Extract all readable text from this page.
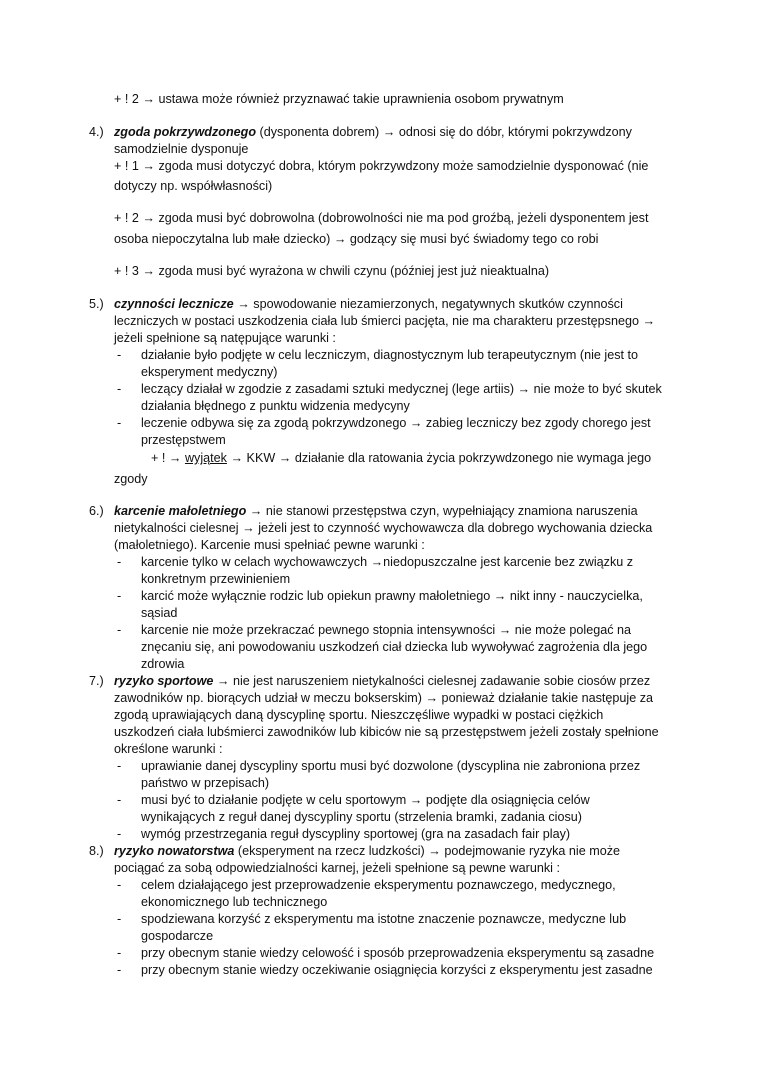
+ ! 2 → ustawa może również przyznawać takie uprawnienia osobom prywatnym
4.) zgoda pokrzywdzonego (dysponenta dobrem) → odnosi się do dóbr, którymi pokrzywdzony
samodzielnie dysponuje
+ ! 1 → zgoda musi dotyczyć dobra, którym pokrzywdzony może samodzielnie dysponować (nie
dotyczy np. współwłasności)
+ ! 2 → zgoda musi być dobrowolna (dobrowolności nie ma pod groźbą, jeżeli dysponentem jest
osoba niepoczytalna lub małe dziecko) → godzący się musi być świadomy tego co robi
+ ! 3 → zgoda musi być wyrażona w chwili czynu (później jest już nieaktualna)
5.) czynności lecznicze → spowodowanie niezamierzonych, negatywnych skutków czynności
leczniczych w postaci uszkodzenia ciała lub śmierci pacjęta, nie ma charakteru przestępsnego →
jeżeli spełnione są natępujące warunki :
- działanie było podjęte w celu leczniczym, diagnostycznym lub terapeutycznym (nie jest to
eksperyment medyczny)
- leczący działał w zgodzie z zasadami sztuki medycznej (lege artiis) → nie może to być skutek
działania błędnego z punktu widzenia medycyny
- leczenie odbywa się za zgodą pokrzywdzonego → zabieg leczniczy bez zgody chorego jest
przestępstwem
+ ! → wyjątek → KKW → działanie dla ratowania życia pokrzywdzonego nie wymaga jego
zgody
6.) karcenie małoletniego → nie stanowi przestępstwa czyn, wypełniający znamiona naruszenia
nietykalności cielesnej → jeżeli jest to czynność wychowawcza dla dobrego wychowania dziecka
(małoletniego). Karcenie musi spełniać pewne warunki :
- karcenie tylko w celach wychowawczych →niedopuszczalne jest karcenie bez związku z
konkretnym przewinieniem
- karcić może wyłącznie rodzic lub opiekun prawny małoletniego → nikt inny - nauczycielka,
sąsiad
- karcenie nie może przekraczać pewnego stopnia intensywności → nie może polegać na
znęcaniu się, ani powodowaniu uszkodzeń ciał dziecka lub wywoływać zagrożenia dla jego
zdrowia
7.) ryzyko sportowe → nie jest naruszeniem nietykalności cielesnej zadawanie sobie ciosów przez
zawodników np. biorących udział w meczu bokserskim) → ponieważ działanie takie następuje za
zgodą uprawiających daną dyscyplinę sportu. Nieszczęśliwe wypadki w postaci ciężkich
uszkodzeń ciała lubśmierci zawodników lub kibiców nie są przestępstwem jeżeli zostały spełnione
określone warunki :
- uprawianie danej dyscypliny sportu musi być dozwolone (dyscyplina nie zabroniona przez
państwo w przepisach)
- musi być to działanie podjęte w celu sportowym → podjęte dla osiągnięcia celów
wynikających z reguł danej dyscypliny sportu (strzelenia bramki, zadania ciosu)
- wymóg przestrzegania reguł dyscypliny sportowej (gra na zasadach fair play)
8.) ryzyko nowatorstwa (eksperyment na rzecz ludzkości) → podejmowanie ryzyka nie może
pociągać za sobą odpowiedzialności karnej, jeżeli spełnione są pewne warunki :
- celem działającego jest przeprowadzenie eksperymentu poznawczego, medycznego,
ekonomicznego lub technicznego
- spodziewana korzyść z eksperymentu ma istotne znaczenie poznawcze, medyczne lub
gospodarcze
- przy obecnym stanie wiedzy celowość i sposób przeprowadzenia eksperymentu są zasadne
- przy obecnym stanie wiedzy oczekiwanie osiągnięcia korzyści z eksperymentu jest zasadne
